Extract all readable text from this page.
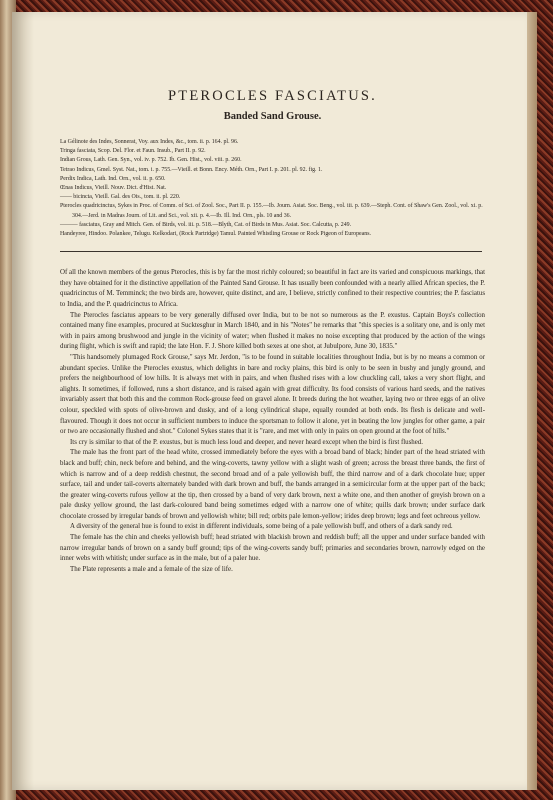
PTEROCLES FASCIATUS.
Banded Sand Grouse.
La Gélinote des Indes, Sonnerat, Voy. aux Indes, &c., tom. ii. p. 164. pl. 96.
Tringa fasciata, Scop. Del. Flor. et Faun. Insub., Part II. p. 92.
Indian Grous, Lath. Gen. Syn., vol. iv. p. 752. Ib. Gen. Hist., vol. viii. p. 260.
Tetrao Indicus, Gmel. Syst. Nat., tom. i. p. 755.—Vieill. et Bonn. Ency. Méth. Orn., Part I. p. 201. pl. 92. fig. 1.
Perdix Indica, Lath. Ind. Orn., vol. ii. p. 650.
Œnas Indicus, Vieill. Nouv. Dict. d'Hist. Nat.
—— bicincta, Vieill. Gal. des Ois., tom. ii. pl. 220.
Pterocles quadricinctus, Sykes in Proc. of Comm. of Sci. of Zool. Soc., Part II. p. 155.—Ib. Journ. Asiat. Soc. Beng., vol. iii. p. 639.—Steph. Cont. of Shaw's Gen. Zool., vol. xi. p. 304.—Jerd. in Madras Journ. of Lit. and Sci., vol. xii. p. 4.—Ib. Ill. Ind. Orn., pls. 10 and 36.
——— fasciatus, Gray and Mitch. Gen. of Birds, vol. iii. p. 518.—Blyth, Cat. of Birds in Mus. Asiat. Soc. Calcutta, p. 249.
Handeyree, Hindoo. Polankee, Telugu. Kelkodari, (Rock Partridge) Tamul. Painted Whistling Grouse or Rock Pigeon of Europeans.

Of all the known members of the genus Pterocles, this is by far the most richly coloured; so beautiful in fact are its varied and conspicuous markings, that they have obtained for it the distinctive appellation of the Painted Sand Grouse. It has usually been confounded with a nearly allied African species, the P. quadricinctus of M. Temminck; the two birds are, however, quite distinct, and are, I believe, strictly confined to their respective countries; the P. fasciatus to India, and the P. quadricinctus to Africa.

The Pterocles fasciatus appears to be very generally diffused over India, but to be not so numerous as the P. exustus. Captain Boys's collection contained many fine examples, procured at Sucktesghur in March 1840, and in his "Notes" he remarks that "this species is a solitary one, and is only met with in pairs among brushwood and jungle in the vicinity of water; when flushed it makes no noise excepting that produced by the action of the wings during flight, which is swift and rapid; the late Hon. F. J. Shore killed both sexes at one shot, at Jubulpore, June 30, 1835."

"This handsomely plumaged Rock Grouse," says Mr. Jerdon, "is to be found in suitable localities throughout India, but is by no means a common or abundant species. Unlike the Pterocles exustus, which delights in bare and rocky plains, this bird is only to be seen in bushy and jungly ground, and prefers the neighbourhood of low hills. It is always met with in pairs, and when flushed rises with a low chuckling call, takes a very short flight, and alights. It sometimes, if followed, runs a short distance, and is raised again with great difficulty. Its food consists of various hard seeds, and the natives invariably assert that both this and the common Rock-grouse feed on gravel alone. It breeds during the hot weather, laying two or three eggs of an olive colour, speckled with spots of olive-brown and dusky, and of a long cylindrical shape, equally rounded at both ends. Its flesh is delicate and well-flavoured. Though it does not occur in sufficient numbers to induce the sportsman to follow it alone, yet in beating the low jungles for other game, a pair or two are occasionally flushed and shot." Colonel Sykes states that it is "rare, and met with only in pairs on open ground at the foot of hills."

Its cry is similar to that of the P. exustus, but is much less loud and deeper, and never heard except when the bird is first flushed.

The male has the front part of the head white, crossed immediately before the eyes with a broad band of black; hinder part of the head striated with black and buff; chin, neck before and behind, and the wing-coverts, tawny yellow with a slight wash of green; across the breast three bands, the first of which is narrow and of a deep reddish chestnut, the second broad and of a pale yellowish buff, the third narrow and of a dark chocolate hue; upper surface, tail and under tail-coverts alternately banded with dark brown and buff, the bands arranged in a semicircular form at the upper part of the back; the greater wing-coverts rufous yellow at the tip, then crossed by a band of very dark brown, next a white one, and then another of greyish brown on a pale dusky yellow ground, the last dark-coloured band being sometimes edged with a narrow one of white; quills dark brown; under surface dark chocolate crossed by irregular bands of brown and yellowish white; bill red; orbits pale lemon-yellow; irides deep brown; legs and feet ochreous yellow.

A diversity of the general hue is found to exist in different individuals, some being of a pale yellowish buff, and others of a dark sandy red.

The female has the chin and cheeks yellowish buff; head striated with blackish brown and reddish buff; all the upper and under surface banded with narrow irregular bands of brown on a sandy buff ground; tips of the wing-coverts sandy buff; primaries and secondaries brown, narrowly edged on the inner webs with whitish; under surface as in the male, but of a paler hue.

The Plate represents a male and a female of the size of life.
